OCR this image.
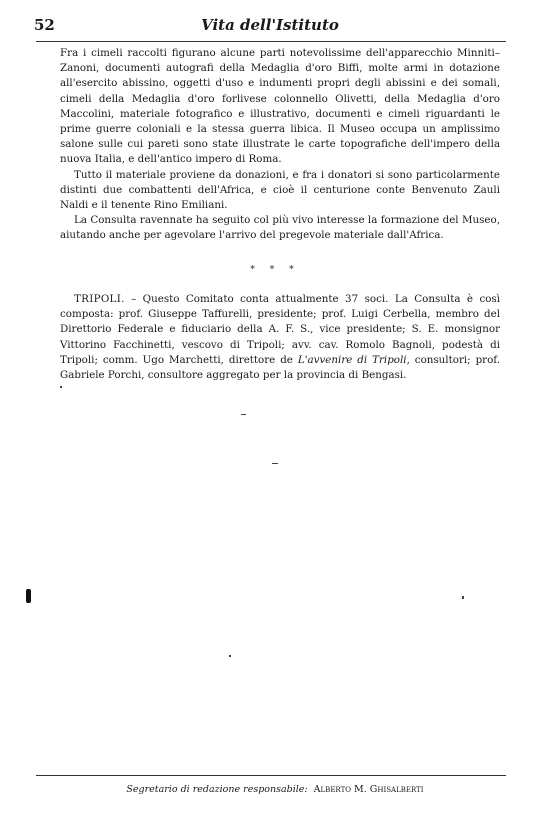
52	Vita dell'Istituto

Fra i cimeli raccolti figurano alcune parti notevolissime dell'apparecchio Minniti–Zanoni, documenti autografi della Medaglia d'oro Biffi, molte armi in dotazione all'esercito abissino, oggetti d'uso e indumenti propri degli abissini e dei somali, cimeli della Medaglia d'oro forlivese colonnello Olivetti, della Medaglia d'oro Maccolini, materiale fotografico e illustrativo, documenti e cimeli riguardanti le prime guerre coloniali e la stessa guerra libica. Il Museo occupa un amplissimo salone sulle cui pareti sono state illustrate le carte topografiche dell'impero della nuova Italia, e dell'antico impero di Roma.

Tutto il materiale proviene da donazioni, e fra i donatori si sono particolarmente distinti due combattenti dell'Africa, e cioè il centurione conte Benvenuto Zauli Naldi e il tenente Rino Emiliani.

La Consulta ravennate ha seguito col più vivo interesse la formazione del Museo, aiutando anche per agevolare l'arrivo del pregevole materiale dall'Africa.

* * *

TRIPOLI. – Questo Comitato conta attualmente 37 soci. La Consulta è così composta: prof. Giuseppe Taffurelli, presidente; prof. Luigi Cerbella, membro del Direttorio Federale e fiduciario della A. F. S., vice presidente; S. E. monsignor Vittorino Facchinetti, vescovo di Tripoli; avv. cav. Romolo Bagnoli, podestà di Tripoli; comm. Ugo Marchetti, direttore de L'avvenire di Tripoli, consultori; prof. Gabriele Porchi, consultore aggregato per la provincia di Bengasi.

Segretario di redazione responsabile: Alberto M. Ghisalberti
